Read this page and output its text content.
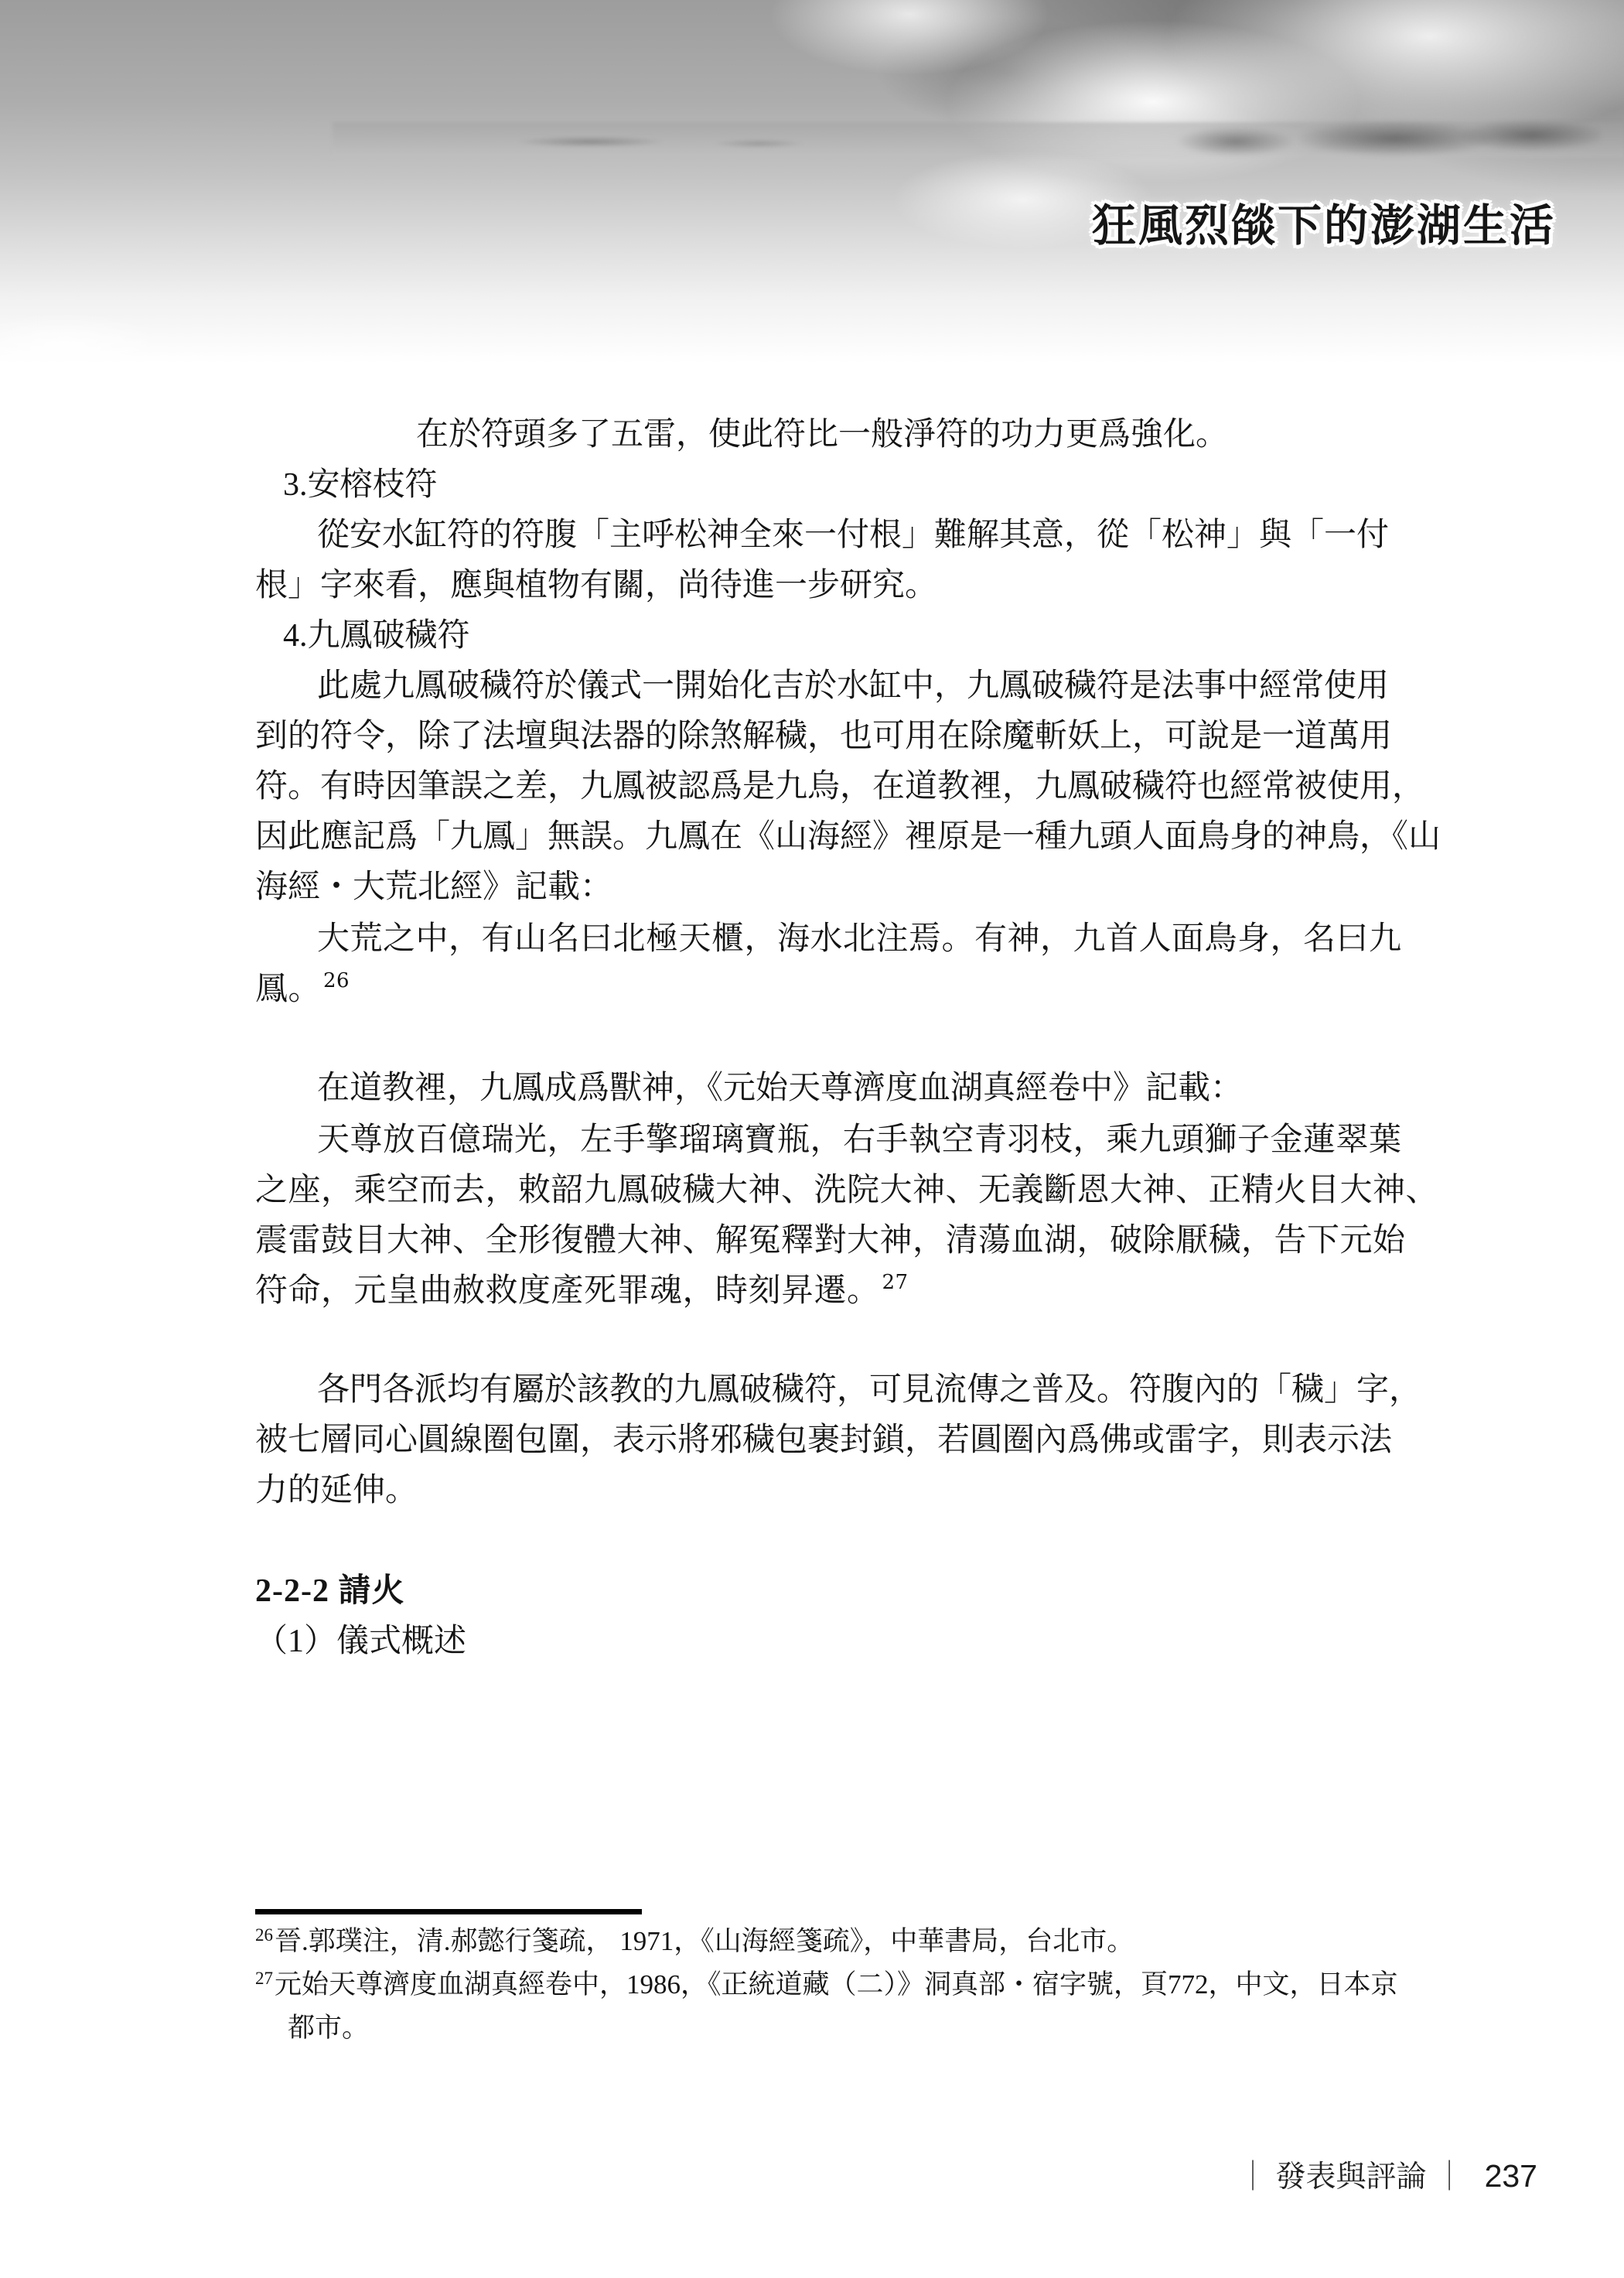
狂風烈燄下的澎湖生活
在於符頭多了五雷，使此符比一般淨符的功力更爲強化。
3.安榕枝符
從安水缸符的符腹「主呼松神全來一付根」難解其意，從「松神」與「一付
根」字來看，應與植物有關，尚待進一步研究。
4.九鳳破穢符
此處九鳳破穢符於儀式一開始化吉於水缸中，九鳳破穢符是法事中經常使用
到的符令，除了法壇與法器的除煞解穢，也可用在除魔斬妖上，可說是一道萬用
符。有時因筆誤之差，九鳳被認爲是九烏，在道教裡，九鳳破穢符也經常被使用，
因此應記爲「九鳳」無誤。九鳳在《山海經》裡原是一種九頭人面鳥身的神鳥，《山
海經・大荒北經》記載：
大荒之中，有山名曰北極天櫃，海水北注焉。有神，九首人面鳥身，名曰九
鳳。 $^{26}$
在道教裡，九鳳成爲獸神，《元始天尊濟度血湖真經卷中》記載：
天尊放百億瑞光，左手擎瑠璃寶瓶，右手執空青羽枝，乘九頭獅子金蓮翠葉
之座，乘空而去，敕韶九鳳破穢大神、洗院大神、无義斷恩大神、正精火目大神、
震雷鼓目大神、全形復體大神、解冤釋對大神，清蕩血湖，破除厭穢，告下元始
符命，元皇曲赦救度產死罪魂，時刻昇遷。 $^{27}$
各門各派均有屬於該教的九鳳破穢符，可見流傳之普及。符腹內的「穢」字，
被七層同心圓線圈包圍，表示將邪穢包裹封鎖，若圓圈內爲佛或雷字，則表示法
力的延伸。
2-2-2 請火
（1）儀式概述
$^{26}$晉.郭璞注，清.郝懿行箋疏， 1971，《山海經箋疏》，中華書局，台北市。
$^{27}$元始天尊濟度血湖真經卷中，1986，《正統道藏（二）》洞真部・宿字號，頁772，中文，日本京
都市。
｜ 發表與評論 ｜ 237
